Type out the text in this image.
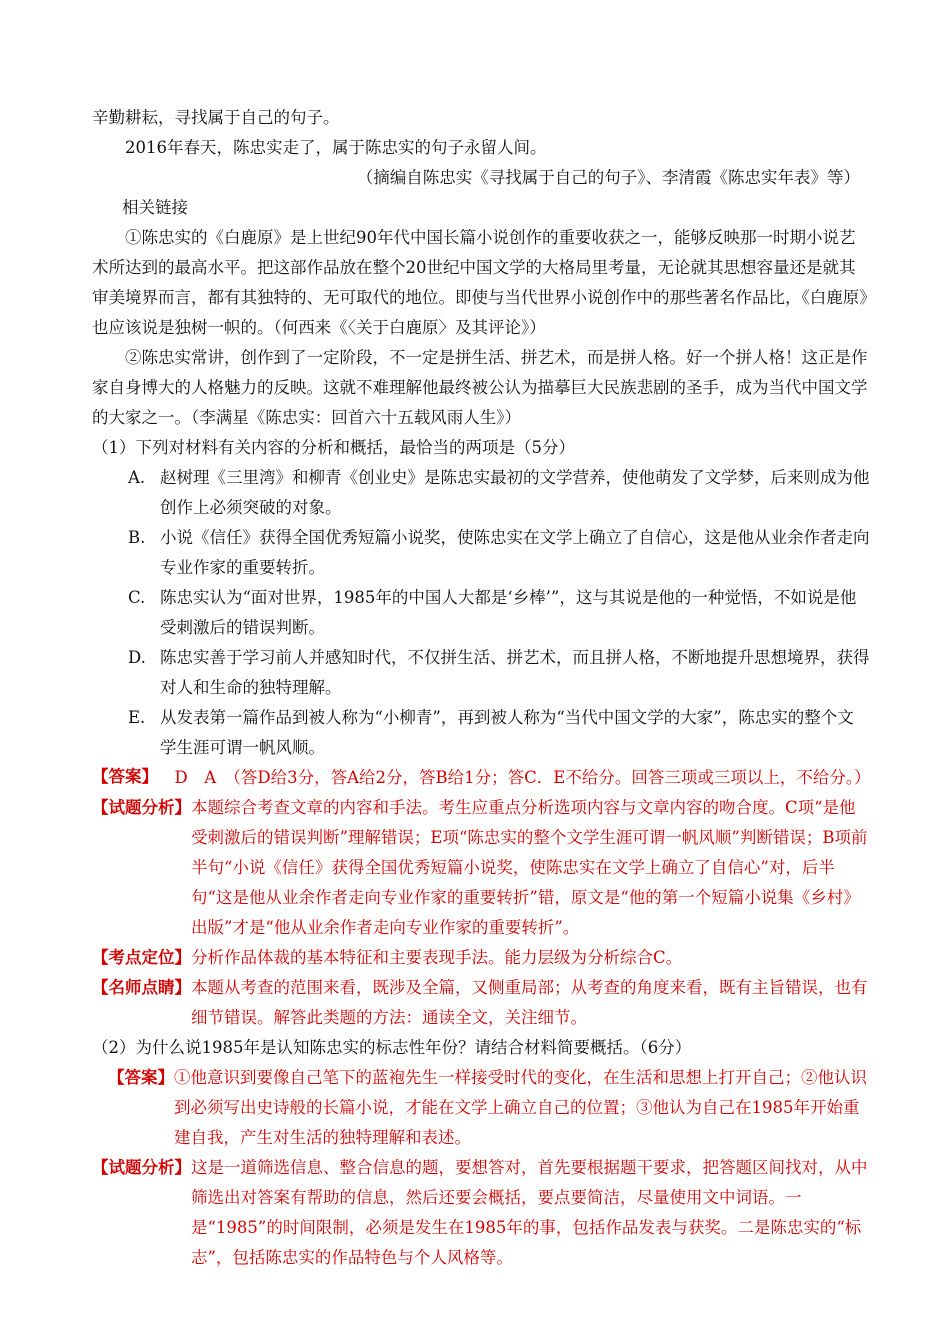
辛勤耕耘，寻找属于自己的句子。

2016年春天，陈忠实走了，属于陈忠实的句子永留人间。

（摘编自陈忠实《寻找属于自己的句子》、李清霞《陈忠实年表》等）

相关链接

①陈忠实的《白鹿原》是上世纪90年代中国长篇小说创作的重要收获之一，能够反映那一时期小说艺术所达到的最高水平。把这部作品放在整个20世纪中国文学的大格局里考量，无论就其思想容量还是就其审美境界而言，都有其独特的、无可取代的地位。即使与当代世界小说创作中的那些著名作品比，《白鹿原》也应该说是独树一帜的。（何西来《〈关于白鹿原〉及其评论》）

②陈忠实常讲，创作到了一定阶段，不一定是拼生活、拼艺术，而是拼人格。好一个拼人格！这正是作家自身博大的人格魅力的反映。这就不难理解他最终被公认为描摹巨大民族悲剧的圣手，成为当代中国文学的大家之一。（李满星《陈忠实：回首六十五载风雨人生》）

（1）下列对材料有关内容的分析和概括，最恰当的两项是（5分）

A. 赵树理《三里湾》和柳青《创业史》是陈忠实最初的文学营养，使他萌发了文学梦，后来则成为他创作上必须突破的对象。
B. 小说《信任》获得全国优秀短篇小说奖，使陈忠实在文学上确立了自信心，这是他从业余作者走向专业作家的重要转折。
C. 陈忠实认为“面对世界，1985年的中国人大都是‘乡棒’”，这与其说是他的一种觉悟，不如说是他受刺激后的错误判断。
D. 陈忠实善于学习前人并感知时代，不仅拼生活、拼艺术，而且拼人格，不断地提升思想境界，获得对人和生命的独特理解。
E. 从发表第一篇作品到被人称为“小柳青”，再到被人称为“当代中国文学的大家”，陈忠实的整个文学生涯可谓一帆风顺。
【答案】 　D　A　（答D给3分，答A给2分，答B给1分；答C．E不给分。回答三项或三项以上，不给分。）
【试题分析】 本题综合考查文章的内容和手法。考生应重点分析选项内容与文章内容的吻合度。C项“是他受刺激后的错误判断”理解错误；E项“陈忠实的整个文学生涯可谓一帆风顺”判断错误；B项前半句“小说《信任》获得全国优秀短篇小说奖，使陈忠实在文学上确立了自信心”对，后半句“这是他从业余作者走向专业作家的重要转折”错，原文是“他的第一个短篇小说集《乡村》出版”才是“他从业余作者走向专业作家的重要转折”。
【考点定位】 分析作品体裁的基本特征和主要表现手法。能力层级为分析综合C。
【名师点睛】 本题从考查的范围来看，既涉及全篇，又侧重局部；从考查的角度来看，既有主旨错误，也有细节错误。解答此类题的方法：通读全文，关注细节。

（2）为什么说1985年是认知陈忠实的标志性年份？请结合材料简要概括。（6分）

【答案】 ①他意识到要像自己笔下的蓝袍先生一样接受时代的变化，在生活和思想上打开自己；②他认识到必须写出史诗般的长篇小说，才能在文学上确立自己的位置；③他认为自己在1985年开始重建自我，产生对生活的独特理解和表述。
【试题分析】 这是一道筛选信息、整合信息的题，要想答对，首先要根据题干要求，把答题区间找对，从中筛选出对答案有帮助的信息，然后还要会概括，要点要简洁，尽量使用文中词语。一是“1985”的时间限制，必须是发生在1985年的事，包括作品发表与获奖。二是陈忠实的“标志”，包括陈忠实的作品特色与个人风格等。
